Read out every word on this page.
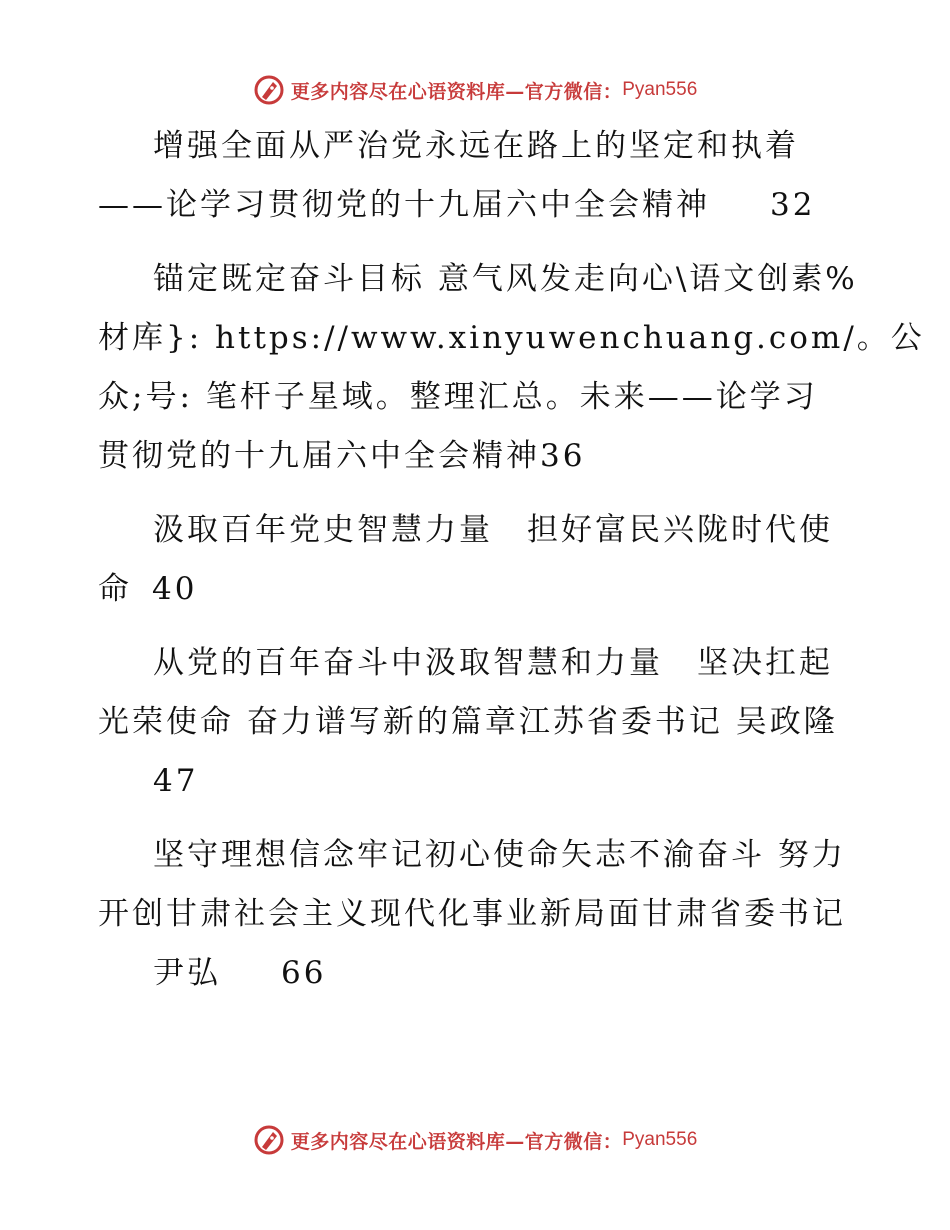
更多内容尽在心语资料库—官方微信： Pyan556
增强全面从严治党永远在路上的坚定和执着
——论学习贯彻党的十九届六中全会精神 32
锚定既定奋斗目标 意气风发走向心\语文创素%
材库}: https://www.xinyuwenchuang.com/。公
众;号: 笔杆子星域。整理汇总。未来——论学习
贯彻党的十九届六中全会精神36
汲取百年党史智慧力量　担好富民兴陇时代使
命 40
从党的百年奋斗中汲取智慧和力量　坚决扛起
光荣使命 奋力谱写新的篇章江苏省委书记 吴政隆
47
坚守理想信念牢记初心使命矢志不渝奋斗 努力
开创甘肃社会主义现代化事业新局面甘肃省委书记
尹弘 66
更多内容尽在心语资料库—官方微信： Pyan556
